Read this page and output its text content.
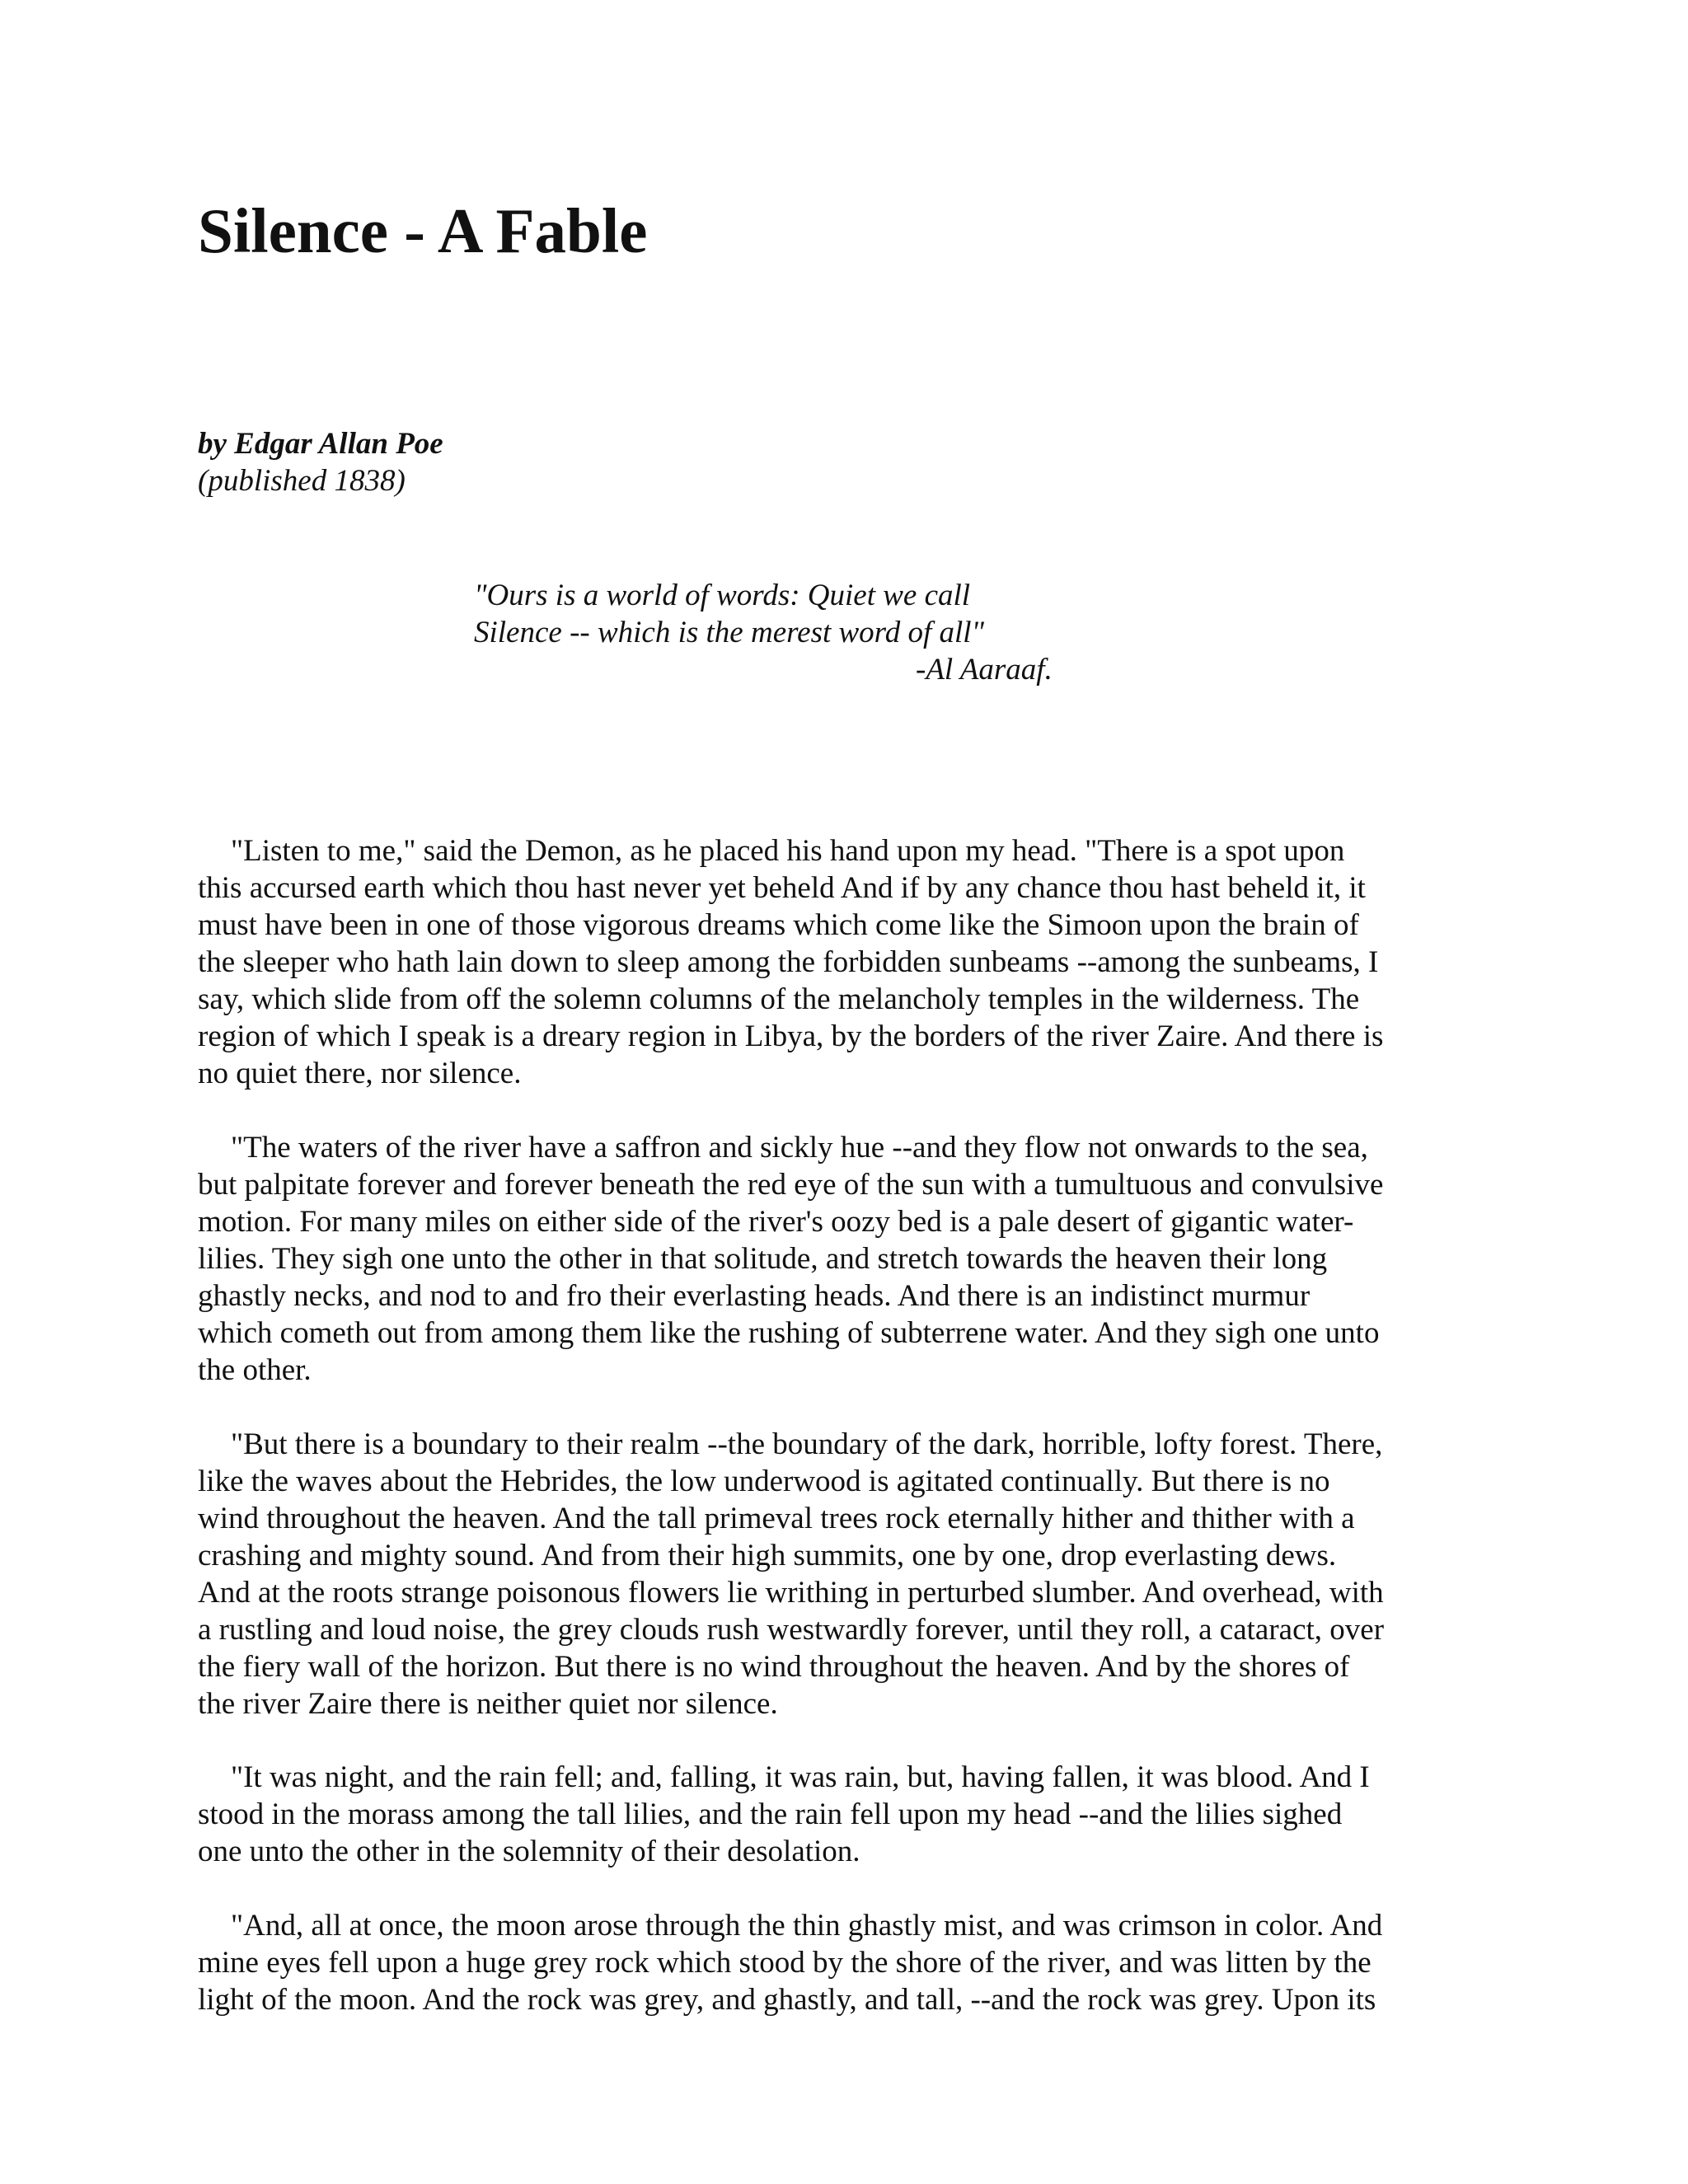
Silence - A Fable
by Edgar Allan Poe
(published 1838)
"Ours is a world of words: Quiet we call
Silence -- which is the merest word of all"
-Al Aaraaf.

"Listen to me," said the Demon, as he placed his hand upon my head. "There is a spot upon
this accursed earth which thou hast never yet beheld And if by any chance thou hast beheld it, it
must have been in one of those vigorous dreams which come like the Simoon upon the brain of
the sleeper who hath lain down to sleep among the forbidden sunbeams --among the sunbeams, I
say, which slide from off the solemn columns of the melancholy temples in the wilderness. The
region of which I speak is a dreary region in Libya, by the borders of the river Zaire. And there is
no quiet there, nor silence.

"The waters of the river have a saffron and sickly hue --and they flow not onwards to the sea,
but palpitate forever and forever beneath the red eye of the sun with a tumultuous and convulsive
motion. For many miles on either side of the river's oozy bed is a pale desert of gigantic water-
lilies. They sigh one unto the other in that solitude, and stretch towards the heaven their long
ghastly necks, and nod to and fro their everlasting heads. And there is an indistinct murmur
which cometh out from among them like the rushing of subterrene water. And they sigh one unto
the other.

"But there is a boundary to their realm --the boundary of the dark, horrible, lofty forest. There,
like the waves about the Hebrides, the low underwood is agitated continually. But there is no
wind throughout the heaven. And the tall primeval trees rock eternally hither and thither with a
crashing and mighty sound. And from their high summits, one by one, drop everlasting dews.
And at the roots strange poisonous flowers lie writhing in perturbed slumber. And overhead, with
a rustling and loud noise, the grey clouds rush westwardly forever, until they roll, a cataract, over
the fiery wall of the horizon. But there is no wind throughout the heaven. And by the shores of
the river Zaire there is neither quiet nor silence.

"It was night, and the rain fell; and, falling, it was rain, but, having fallen, it was blood. And I
stood in the morass among the tall lilies, and the rain fell upon my head --and the lilies sighed
one unto the other in the solemnity of their desolation.

"And, all at once, the moon arose through the thin ghastly mist, and was crimson in color. And
mine eyes fell upon a huge grey rock which stood by the shore of the river, and was litten by the
light of the moon. And the rock was grey, and ghastly, and tall, --and the rock was grey. Upon its
